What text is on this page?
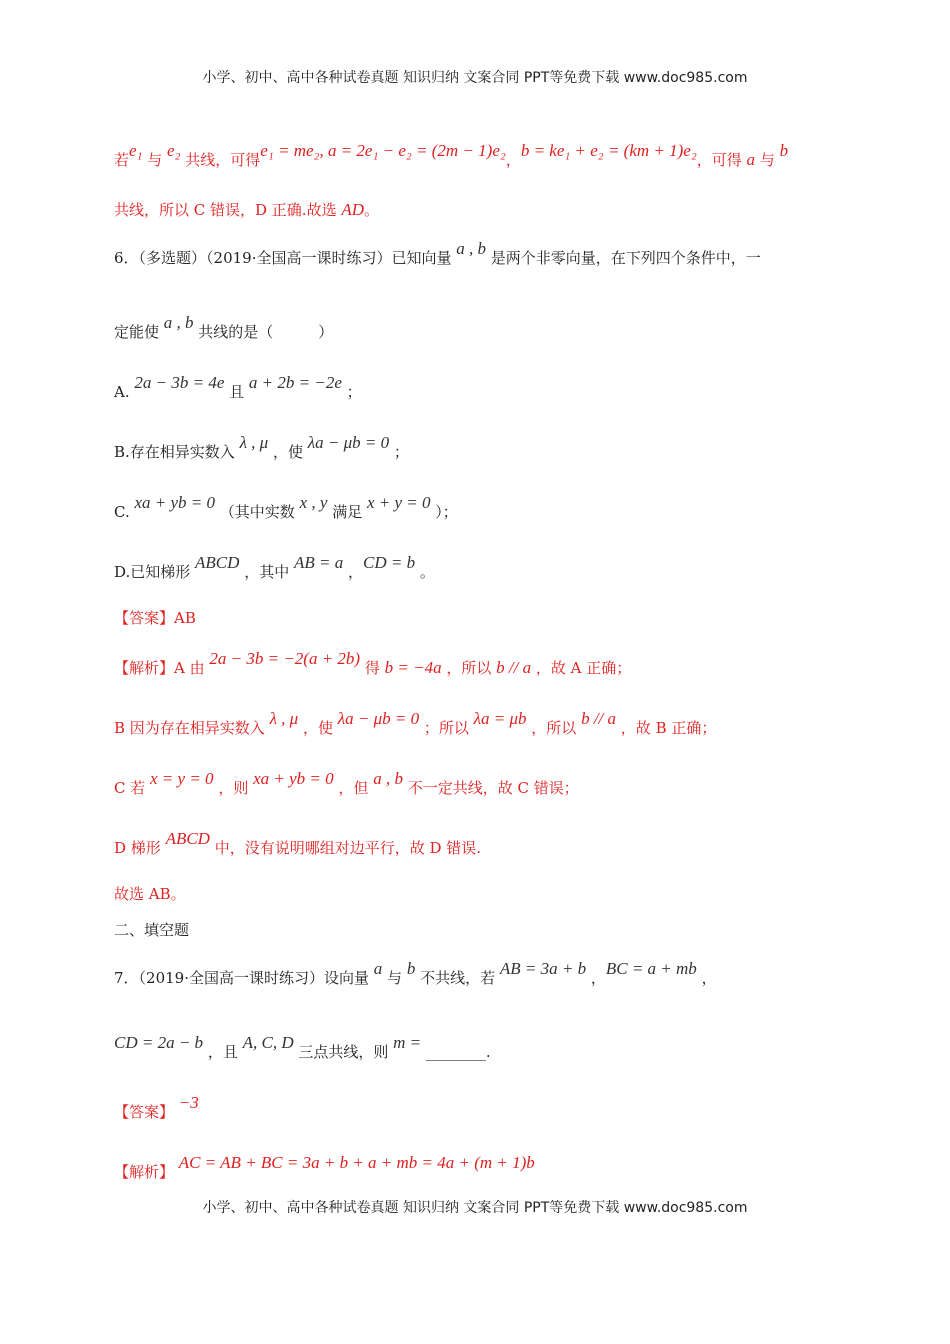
小学、初中、高中各种试卷真题 知识归纳 文案合同 PPT等免费下载 www.doc985.com
若e₁ 与 e₂ 共线，可得e₁ = me₂, a = 2e₁ − e₂ = (2m − 1)e₂，b = ke₁ + e₂ = (km + 1)e₂，可得 a 与 b
共线，所以 C 错误，D 正确.故选 AD。
6．（多选题）（2019·全国高一课时练习）已知向量 a , b 是两个非零向量，在下列四个条件中，一
定能使 a , b 共线的是（　　　）
A. 2a − 3b = 4e 且 a + 2b = −2e ；
B.存在相异实数入 λ , μ ，使 λa − μb = 0 ；
C. xa + yb = 0 （其中实数 x , y 满足 x + y = 0 ）；
D.已知梯形 ABCD ，其中 AB = a ，CD = b 。
【答案】AB
【解析】A 由 2a − 3b = −2(a + 2b) 得 b = −4a ，所以 b // a ，故 A 正确；
B 因为存在相异实数入 λ , μ ，使 λa − μb = 0 ；所以 λa = μb ，所以 b // a ，故 B 正确；
C 若 x = y = 0 ，则 xa + yb = 0 ，但 a , b 不一定共线，故 C 错误；
D 梯形 ABCD 中，没有说明哪组对边平行，故 D 错误.
故选 AB。
二、填空题
7．（2019·全国高一课时练习）设向量 a 与 b 不共线，若 AB = 3a + b ，BC = a + mb ，
CD = 2a − b ，且 A, C, D 三点共线，则 m = ________.
【答案】 −3
【解析】 AC = AB + BC = 3a + b + a + mb = 4a + (m + 1)b
小学、初中、高中各种试卷真题 知识归纳 文案合同 PPT等免费下载 www.doc985.com
